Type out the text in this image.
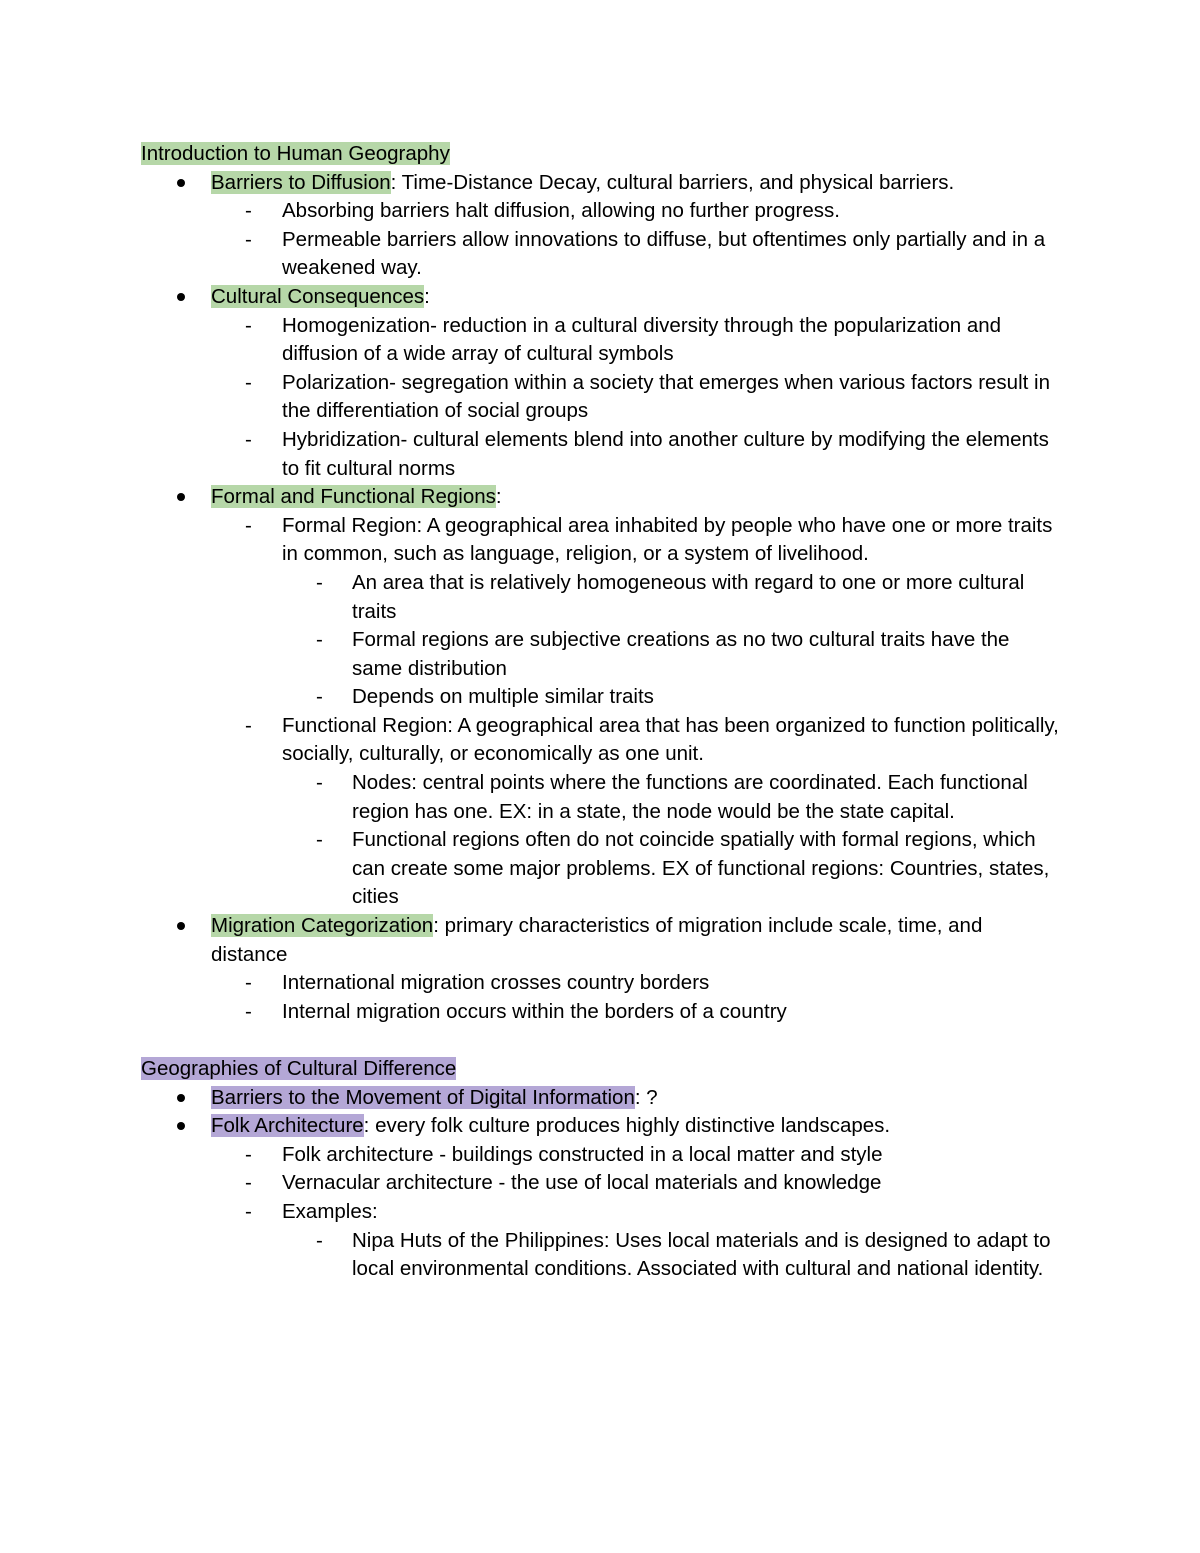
Introduction to Human Geography
Barriers to Diffusion: Time-Distance Decay, cultural barriers, and physical barriers.
- Absorbing barriers halt diffusion, allowing no further progress.
- Permeable barriers allow innovations to diffuse, but oftentimes only partially and in a weakened way.
Cultural Consequences:
- Homogenization- reduction in a cultural diversity through the popularization and diffusion of a wide array of cultural symbols
- Polarization- segregation within a society that emerges when various factors result in the differentiation of social groups
- Hybridization- cultural elements blend into another culture by modifying the elements to fit cultural norms
Formal and Functional Regions:
- Formal Region: A geographical area inhabited by people who have one or more traits in common, such as language, religion, or a system of livelihood.
- An area that is relatively homogeneous with regard to one or more cultural traits
- Formal regions are subjective creations as no two cultural traits have the same distribution
- Depends on multiple similar traits
- Functional Region: A geographical area that has been organized to function politically, socially, culturally, or economically as one unit.
- Nodes: central points where the functions are coordinated. Each functional region has one. EX: in a state, the node would be the state capital.
- Functional regions often do not coincide spatially with formal regions, which can create some major problems. EX of functional regions: Countries, states, cities
Migration Categorization: primary characteristics of migration include scale, time, and distance
- International migration crosses country borders
- Internal migration occurs within the borders of a country
Geographies of Cultural Difference
Barriers to the Movement of Digital Information: ?
Folk Architecture: every folk culture produces highly distinctive landscapes.
- Folk architecture - buildings constructed in a local matter and style
- Vernacular architecture - the use of local materials and knowledge
- Examples:
- Nipa Huts of the Philippines: Uses local materials and is designed to adapt to local environmental conditions. Associated with cultural and national identity.
